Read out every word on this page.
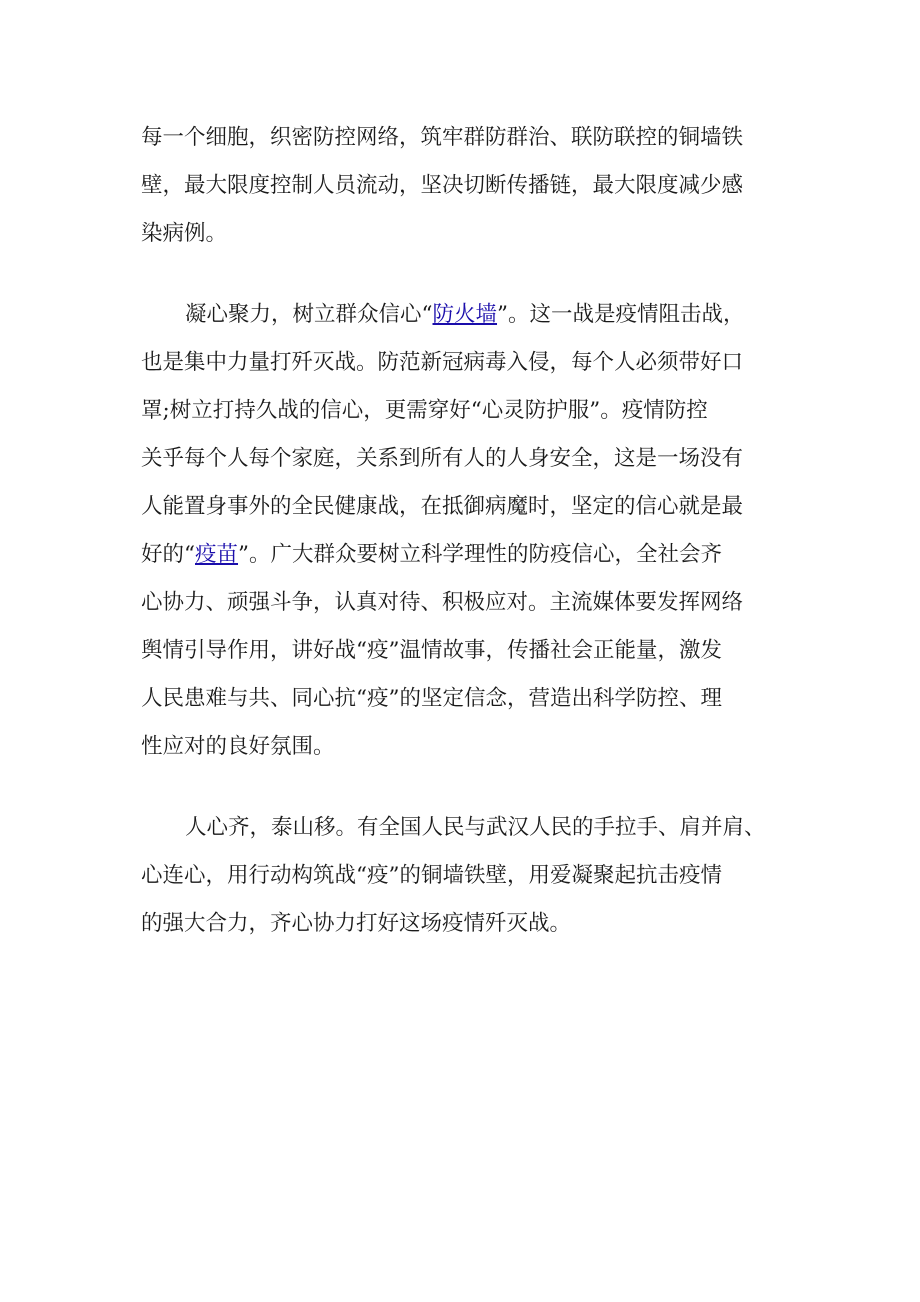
每一个细胞，织密防控网络，筑牢群防群治、联防联控的铜墙铁
壁，最大限度控制人员流动，坚决切断传播链，最大限度减少感
染病例。
凝心聚力，树立群众信心“防火墙”。这一战是疫情阻击战，
也是集中力量打歼灭战。防范新冠病毒入侵，每个人必须带好口
罩;树立打持久战的信心，更需穿好“心灵防护服”。疫情防控
关乎每个人每个家庭，关系到所有人的人身安全，这是一场没有
人能置身事外的全民健康战，在抵御病魔时，坚定的信心就是最
好的“疫苗”。广大群众要树立科学理性的防疫信心，全社会齐
心协力、顽强斗争，认真对待、积极应对。主流媒体要发挥网络
舆情引导作用，讲好战“疫”温情故事，传播社会正能量，激发
人民患难与共、同心抗“疫”的坚定信念，营造出科学防控、理
性应对的良好氛围。
人心齐，泰山移。有全国人民与武汉人民的手拉手、肩并肩、
心连心，用行动构筑战“疫”的铜墙铁壁，用爱凝聚起抗击疫情
的强大合力，齐心协力打好这场疫情歼灭战。
